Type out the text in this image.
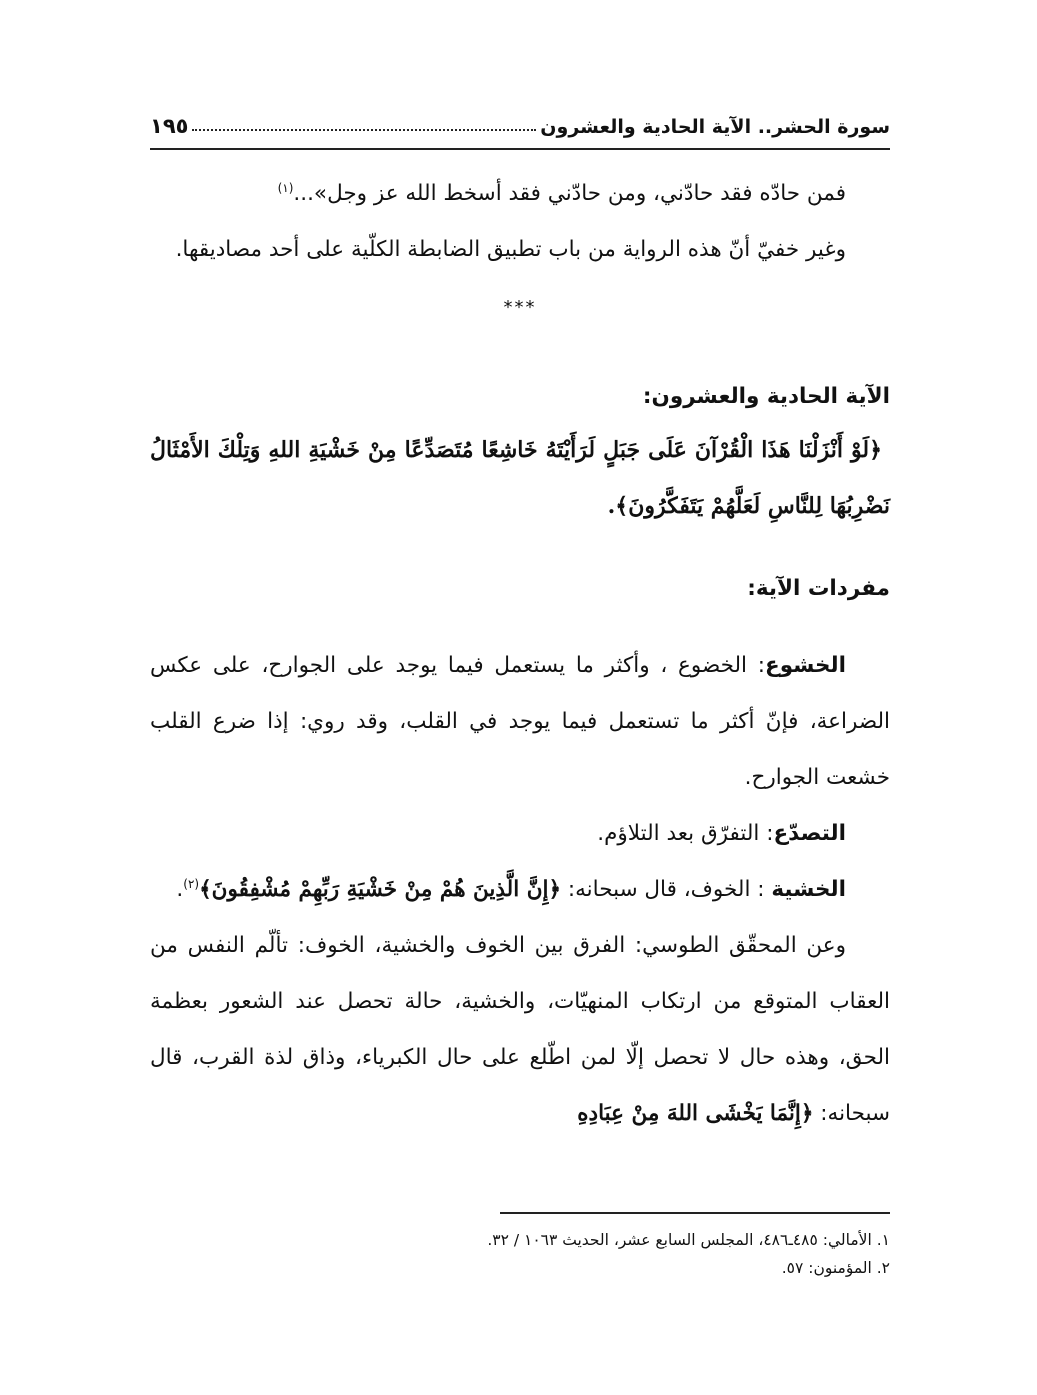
سورة الحشر.. الآية الحادية والعشرون
١٩٥

فمن حادّه فقد حادّني، ومن حادّني فقد أسخط الله عز وجل»...$^{(١)}$

وغير خفيّ أنّ هذه الرواية من باب تطبيق الضابطة الكلّية على أحد مصاديقها.

***

الآية الحادية والعشرون:

﴿لَوْ أَنْزَلْنَا هَذَا الْقُرْآنَ عَلَى جَبَلٍ لَرَأَيْتَهُ خَاشِعًا مُتَصَدِّعًا مِنْ خَشْيَةِ اللهِ وَتِلْكَ الأَمْثَالُ نَضْرِبُهَا لِلنَّاسِ لَعَلَّهُمْ يَتَفَكَّرُونَ﴾.

مفردات الآية:

الخشوع: الخضوع ، وأكثر ما يستعمل فيما يوجد على الجوارح، على عكس الضراعة، فإنّ أكثر ما تستعمل فيما يوجد في القلب، وقد روي: إذا ضرع القلب خشعت الجوارح.

التصدّع: التفرّق بعد التلاؤم.

الخشية : الخوف، قال سبحانه: ﴿إِنَّ الَّذِينَ هُمْ مِنْ خَشْيَةِ رَبِّهِمْ مُشْفِقُونَ﴾$^{(٢)}$.

وعن المحقّق الطوسي: الفرق بين الخوف والخشية، الخوف: تألّم النفس من العقاب المتوقع من ارتكاب المنهيّات، والخشية، حالة تحصل عند الشعور بعظمة الحق، وهذه حال لا تحصل إلّا لمن اطّلع على حال الكبرياء، وذاق لذة القرب، قال سبحانه: ﴿إِنَّمَا يَخْشَى اللهَ مِنْ عِبَادِهِ

١. الأمالي: ٤٨٥ـ٤٨٦، المجلس السابع عشر، الحديث ١٠٦٣ / ٣٢.

٢. المؤمنون: ٥٧.
